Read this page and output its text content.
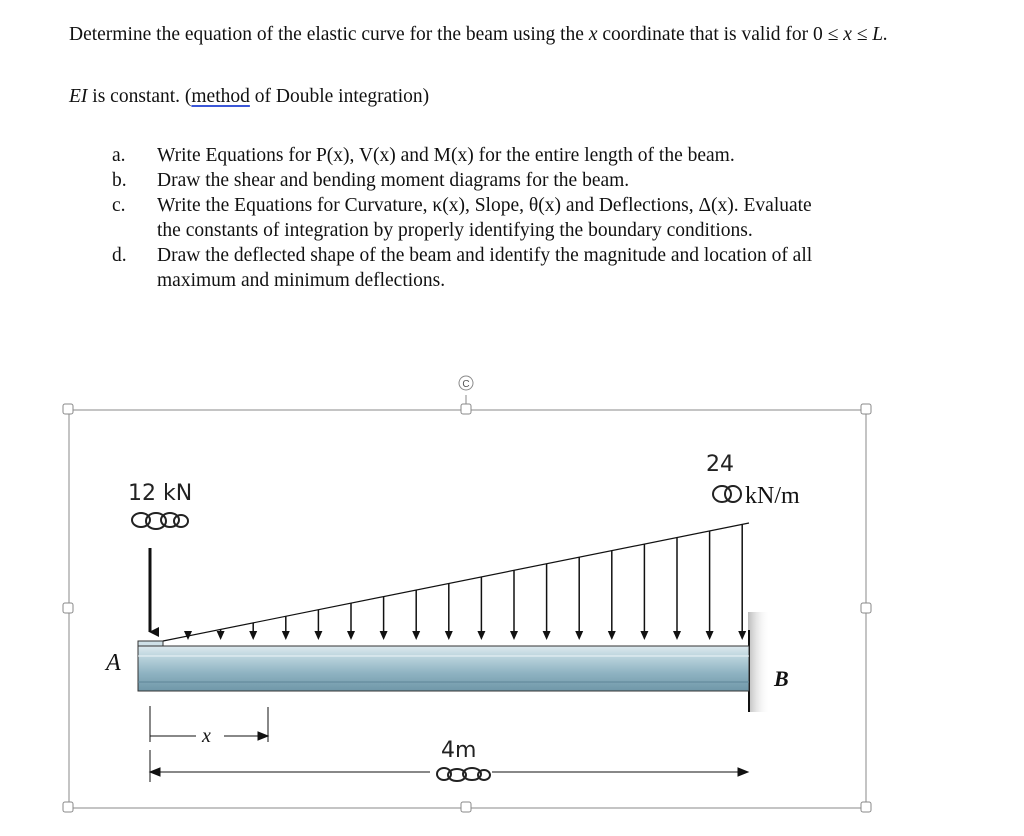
Determine the equation of the elastic curve for the beam using the x coordinate that is valid for 0 ≤ x ≤ L.
EI is constant. (method of Double integration)
a.	Write Equations for P(x), V(x) and M(x) for the entire length of the beam.
b.	Draw the shear and bending moment diagrams for the beam.
c.	Write the Equations for Curvature, κ(x), Slope, θ(x) and Deflections, Δ(x). Evaluate the constants of integration by properly identifying the boundary conditions.
d.	Draw the deflected shape of the beam and identify the magnitude and location of all maximum and minimum deflections.
C
12 kN
24
kN/m
A
B
x
4m
